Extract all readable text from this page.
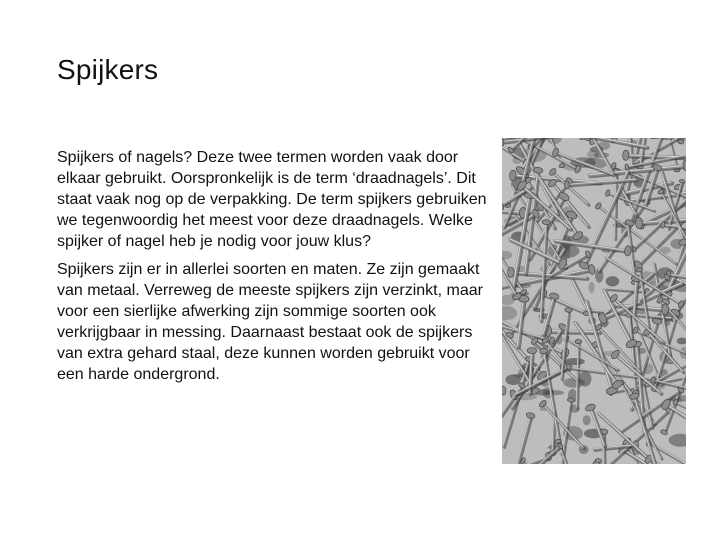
Spijkers

Spijkers of nagels? Deze twee termen worden vaak door elkaar gebruikt. Oorspronkelijk is de term ‘draadnagels’. Dit staat vaak nog op de verpakking. De term spijkers gebruiken we tegenwoordig het meest voor deze draadnagels. Welke spijker of nagel heb je nodig voor jouw klus?

Spijkers zijn er in allerlei soorten en maten. Ze zijn gemaakt van metaal. Verreweg de meeste spijkers zijn verzinkt, maar voor een sierlijke afwerking zijn sommige soorten ook verkrijgbaar in messing. Daarnaast bestaat ook de spijkers van extra gehard staal, deze kunnen worden gebruikt voor een harde ondergrond.
